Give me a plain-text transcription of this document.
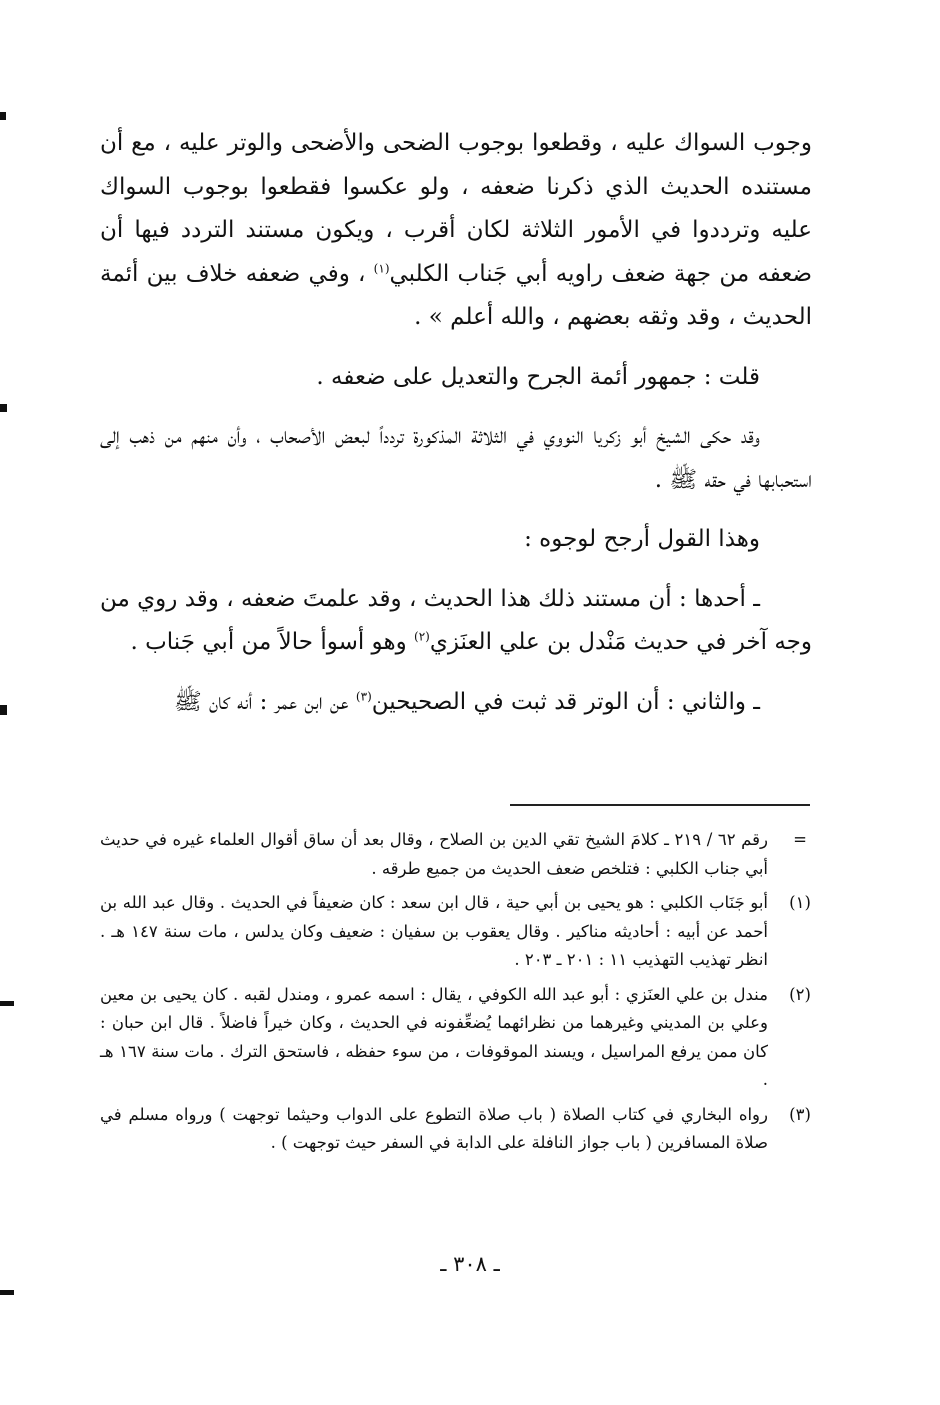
وجوب السواك عليه ، وقطعوا بوجوب الضحى والأضحى والوتر عليه ، مع أن مستنده الحديث الذي ذكرنا ضعفه ، ولو عكسوا فقطعوا بوجوب السواك عليه وترددوا في الأمور الثلاثة لكان أقرب ، ويكون مستند التردد فيها أن ضعفه من جهة ضعف راويه أبي جَناب الكلبي$^{(١)}$ ، وفي ضعفه خلاف بين أئمة الحديث ، وقد وثقه بعضهم ، والله أعلم » .

قلت : جمهور أئمة الجرح والتعديل على ضعفه .

وقد حكى الشيخ أبو زكريا النووي في الثلاثة المذكورة تردداً لبعض الأصحاب ، وأن منهم من ذهب إلى استحبابها في حقه ﷺ .

وهذا القول أرجح لوجوه :

ـ أحدها : أن مستند ذلك هذا الحديث ، وقد علمتَ ضعفه ، وقد روي من وجه آخر في حديث مَنْدل بن علي العنَزي$^{(٢)}$ وهو أسوأ حالاً من أبي جَناب .

ـ والثاني : أن الوتر قد ثبت في الصحيحين$^{(٣)}$ عن ابن عمر : أنه كان ﷺ

=
رقم ٦٢ / ٢١٩ ـ كلامَ الشيخ تقي الدين بن الصلاح ، وقال بعد أن ساق أقوال العلماء غيره في حديث أبي جناب الكلبي : فتلخص ضعف الحديث من جميع طرقه .
(١)
أبو جَنَاب الكلبي : هو يحيى بن أبي حية ، قال ابن سعد : كان ضعيفاً في الحديث . وقال عبد الله بن أحمد عن أبيه : أحاديثه مناكير . وقال يعقوب بن سفيان : ضعيف وكان يدلس ، مات سنة ١٤٧ هـ . انظر تهذيب التهذيب ١١ : ٢٠١ ـ ٢٠٣ .
(٢)
مندل بن علي العنَزي : أبو عبد الله الكوفي ، يقال : اسمه عمرو ، ومندل لقبه . كان يحيى بن معين وعلي بن المديني وغيرهما من نظرائهما يُضعِّفونه في الحديث ، وكان خيراً فاضلاً . قال ابن حبان : كان ممن يرفع المراسيل ، ويسند الموقوفات ، من سوء حفظه ، فاستحق الترك . مات سنة ١٦٧ هـ .
(٣)
رواه البخاري في كتاب الصلاة ( باب صلاة التطوع على الدواب وحيثما توجهت ) ورواه مسلم في صلاة المسافرين ( باب جواز النافلة على الدابة في السفر حيث توجهت ) .
ـ ٣٠٨ ـ
